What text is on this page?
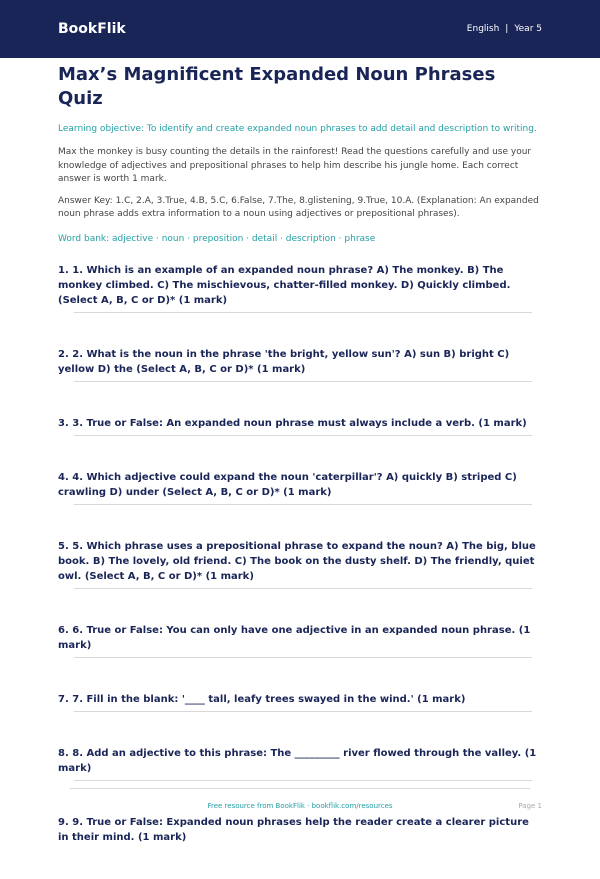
BookFlik	English | Year 5
Max’s Magnificent Expanded Noun Phrases Quiz
Learning objective: To identify and create expanded noun phrases to add detail and description to writing.
Max the monkey is busy counting the details in the rainforest! Read the questions carefully and use your knowledge of adjectives and prepositional phrases to help him describe his jungle home. Each correct answer is worth 1 mark.
Answer Key: 1.C, 2.A, 3.True, 4.B, 5.C, 6.False, 7.The, 8.glistening, 9.True, 10.A. (Explanation: An expanded noun phrase adds extra information to a noun using adjectives or prepositional phrases).
Word bank: adjective · noun · preposition · detail · description · phrase
1. 1. Which is an example of an expanded noun phrase? A) The monkey. B) The monkey climbed. C) The mischievous, chatter-filled monkey. D) Quickly climbed. (Select A, B, C or D)* (1 mark)
2. 2. What is the noun in the phrase 'the bright, yellow sun'? A) sun B) bright C) yellow D) the (Select A, B, C or D)* (1 mark)
3. 3. True or False: An expanded noun phrase must always include a verb. (1 mark)
4. 4. Which adjective could expand the noun 'caterpillar'? A) quickly B) striped C) crawling D) under (Select A, B, C or D)* (1 mark)
5. 5. Which phrase uses a prepositional phrase to expand the noun? A) The big, blue book. B) The lovely, old friend. C) The book on the dusty shelf. D) The friendly, quiet owl. (Select A, B, C or D)* (1 mark)
6. 6. True or False: You can only have one adjective in an expanded noun phrase. (1 mark)
7. 7. Fill in the blank: '____ tall, leafy trees swayed in the wind.' (1 mark)
8. 8. Add an adjective to this phrase: The _________ river flowed through the valley. (1 mark)
9. 9. True or False: Expanded noun phrases help the reader create a clearer picture in their mind. (1 mark)
Free resource from BookFlik · bookflik.com/resources	Page 1
